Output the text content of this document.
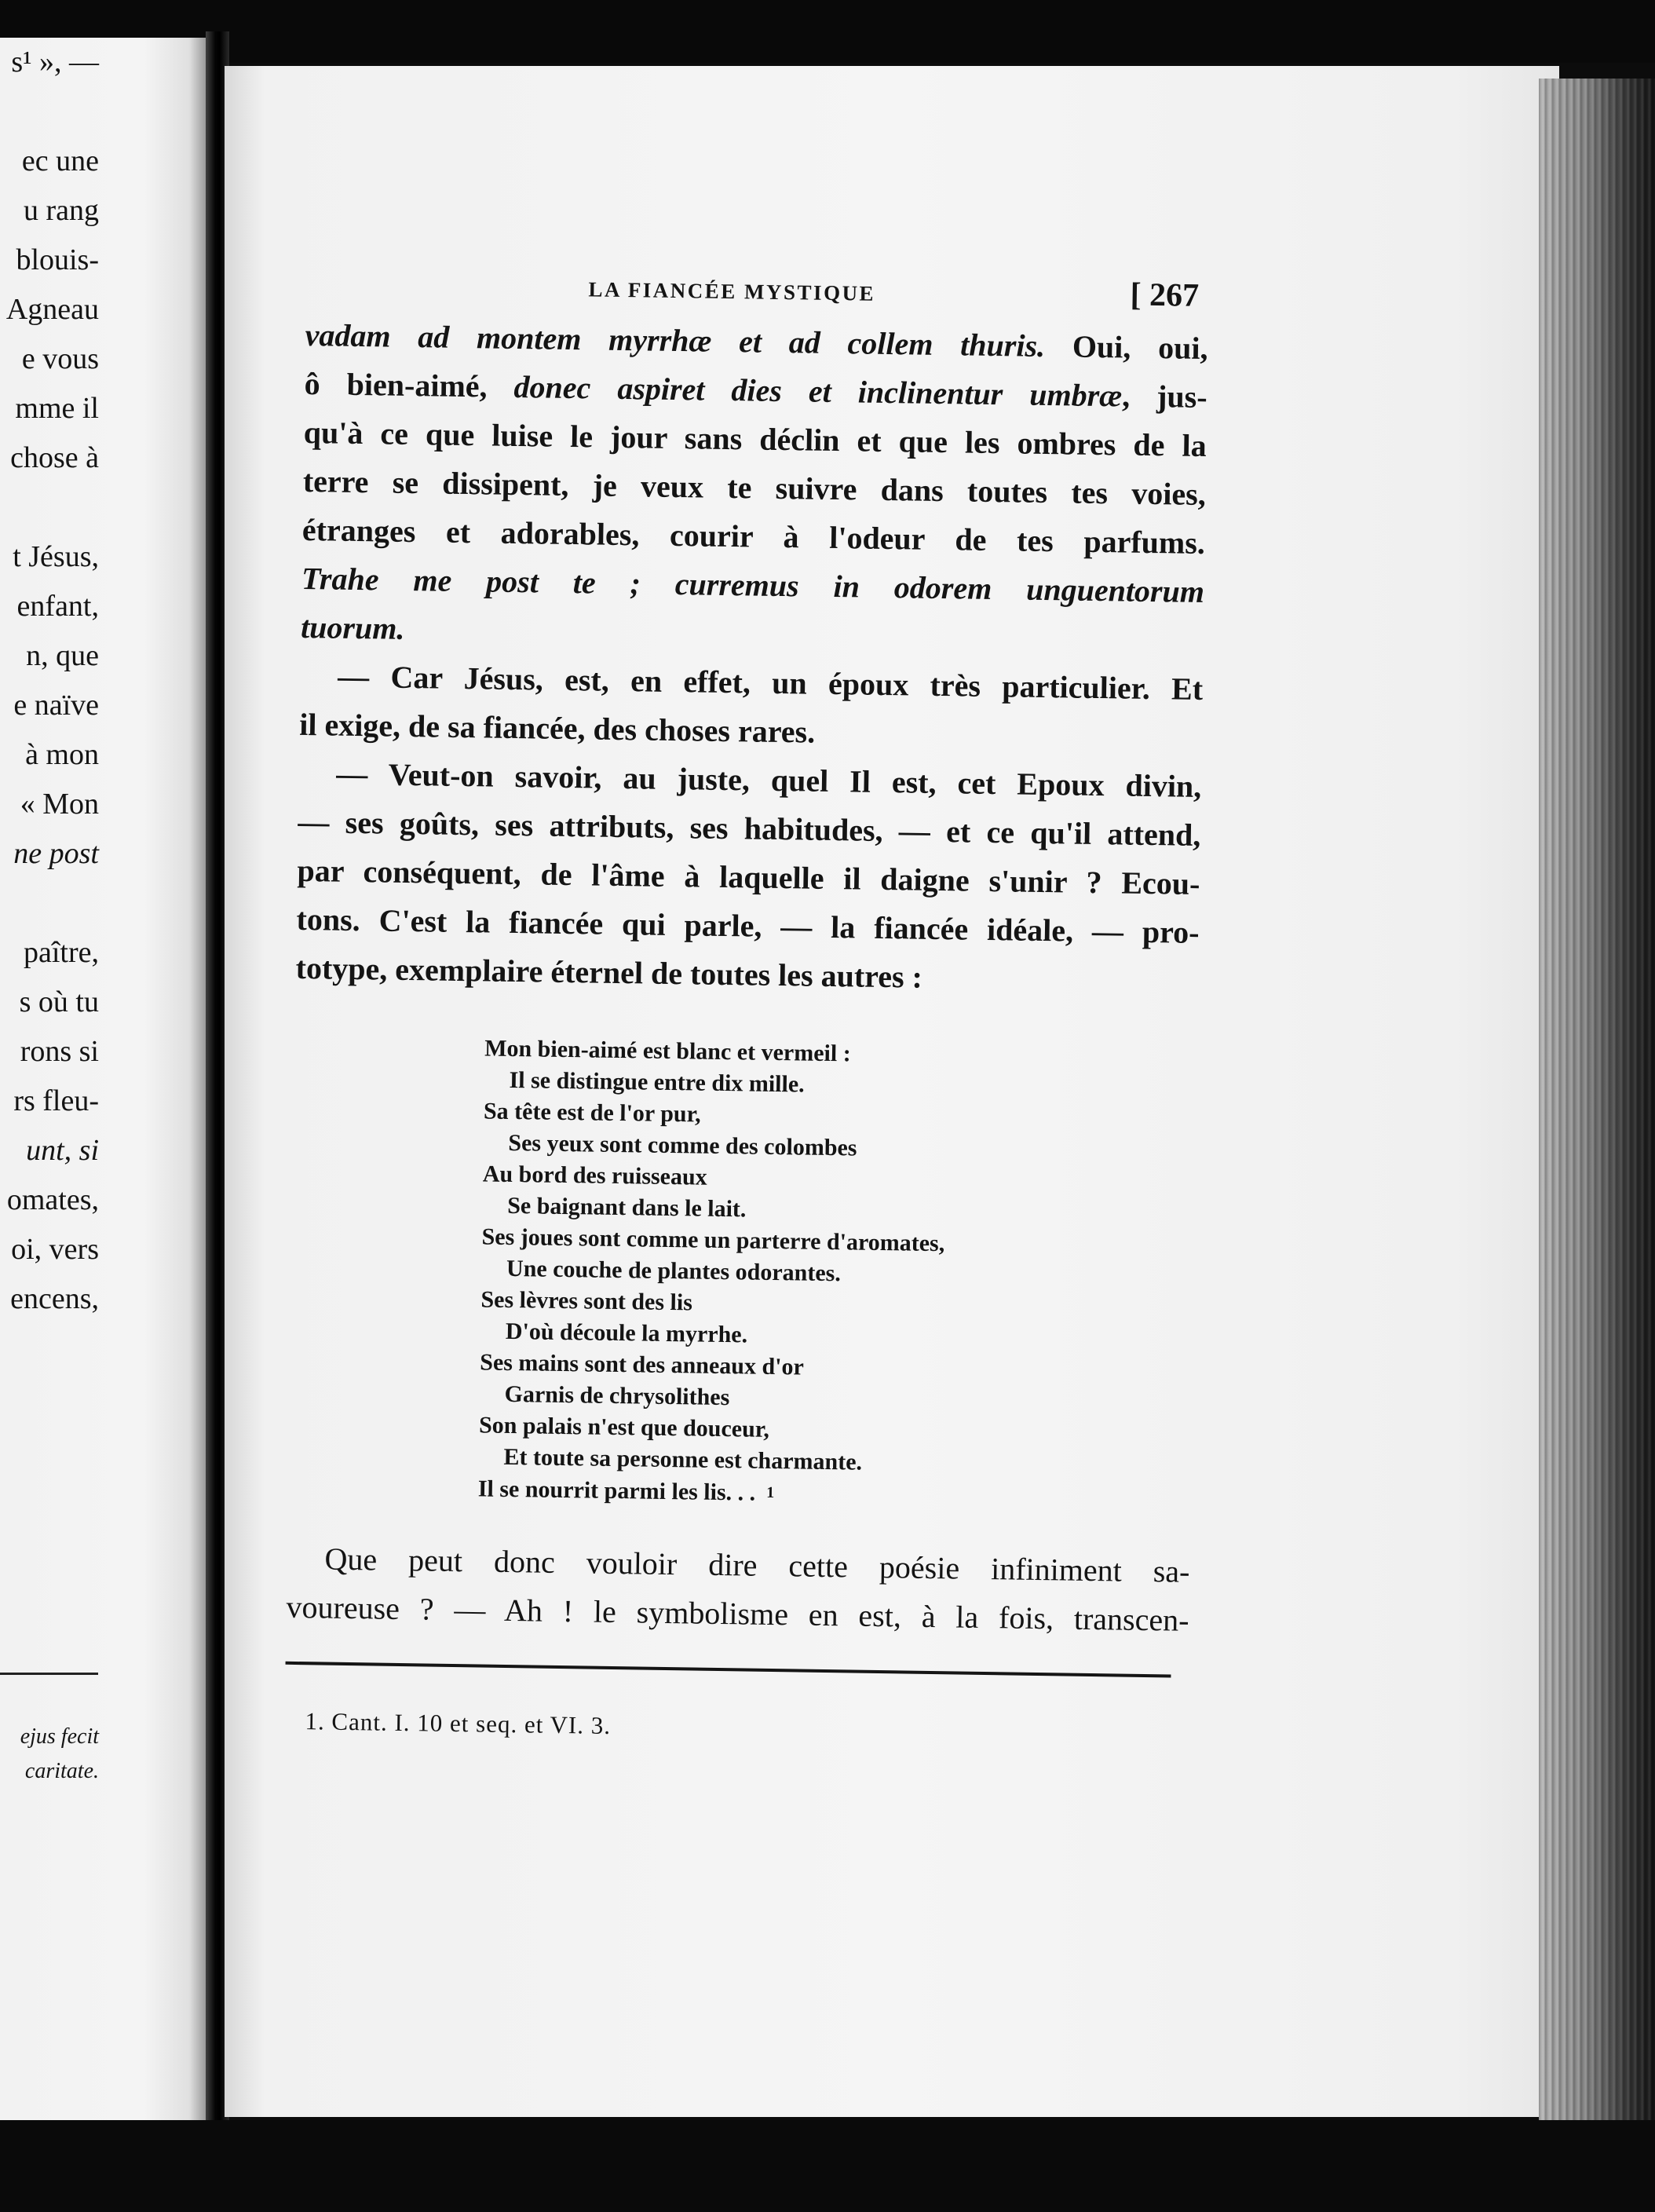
s¹ », —
ec une
u rang
blouis-
Agneau
e vous
mme il
chose à
t Jésus,
enfant,
n, que
e naïve
à mon
« Mon
ne post
paître,
s où tu
rons si
rs fleu-
unt, si
omates,
oi, vers
encens,
ejus fecit
caritate.
LA FIANCÉE MYSTIQUE	[ 267
vadam ad montem myrrhæ et ad collem thuris. Oui, oui,
ô bien-aimé, donec aspiret dies et inclinentur umbræ, jus-
qu'à ce que luise le jour sans déclin et que les ombres de la
terre se dissipent, je veux te suivre dans toutes tes voies,
étranges et adorables, courir à l'odeur de tes parfums.
Trahe me post te ; curremus in odorem unguentorum
tuorum.
— Car Jésus, est, en effet, un époux très particulier. Et
il exige, de sa fiancée, des choses rares.
— Veut-on savoir, au juste, quel Il est, cet Epoux divin,
— ses goûts, ses attributs, ses habitudes, — et ce qu'il attend,
par conséquent, de l'âme à laquelle il daigne s'unir ? Ecou-
tons. C'est la fiancée qui parle, — la fiancée idéale, — pro-
totype, exemplaire éternel de toutes les autres :
Mon bien-aimé est blanc et vermeil :
Il se distingue entre dix mille.
Sa tête est de l'or pur,
Ses yeux sont comme des colombes
Au bord des ruisseaux
Se baignant dans le lait.
Ses joues sont comme un parterre d'aromates,
Une couche de plantes odorantes.
Ses lèvres sont des lis
D'où découle la myrrhe.
Ses mains sont des anneaux d'or
Garnis de chrysolithes
Son palais n'est que douceur,
Et toute sa personne est charmante.
Il se nourrit parmi les lis. . . 1
Que peut donc vouloir dire cette poésie infiniment sa-
voureuse ? — Ah ! le symbolisme en est, à la fois, transcen-
1. Cant. I. 10 et seq. et VI. 3.
